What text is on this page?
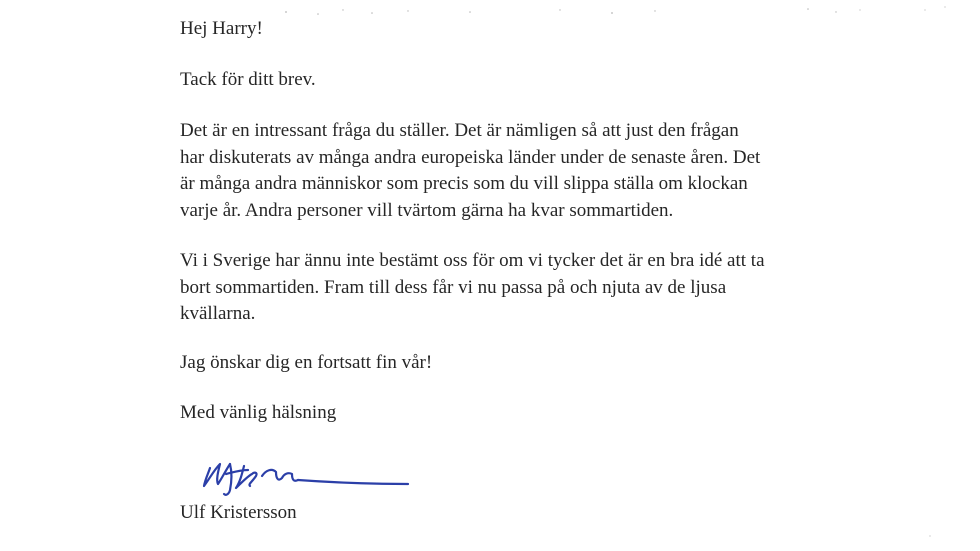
Hej Harry!
Tack för ditt brev.
Det är en intressant fråga du ställer. Det är nämligen så att just den frågan
har diskuterats av många andra europeiska länder under de senaste åren. Det
är många andra människor som precis som du vill slippa ställa om klockan
varje år. Andra personer vill tvärtom gärna ha kvar sommartiden.
Vi i Sverige har ännu inte bestämt oss för om vi tycker det är en bra idé att ta
bort sommartiden. Fram till dess får vi nu passa på och njuta av de ljusa
kvällarna.
Jag önskar dig en fortsatt fin vår!
Med vänlig hälsning
Ulf Kristersson
